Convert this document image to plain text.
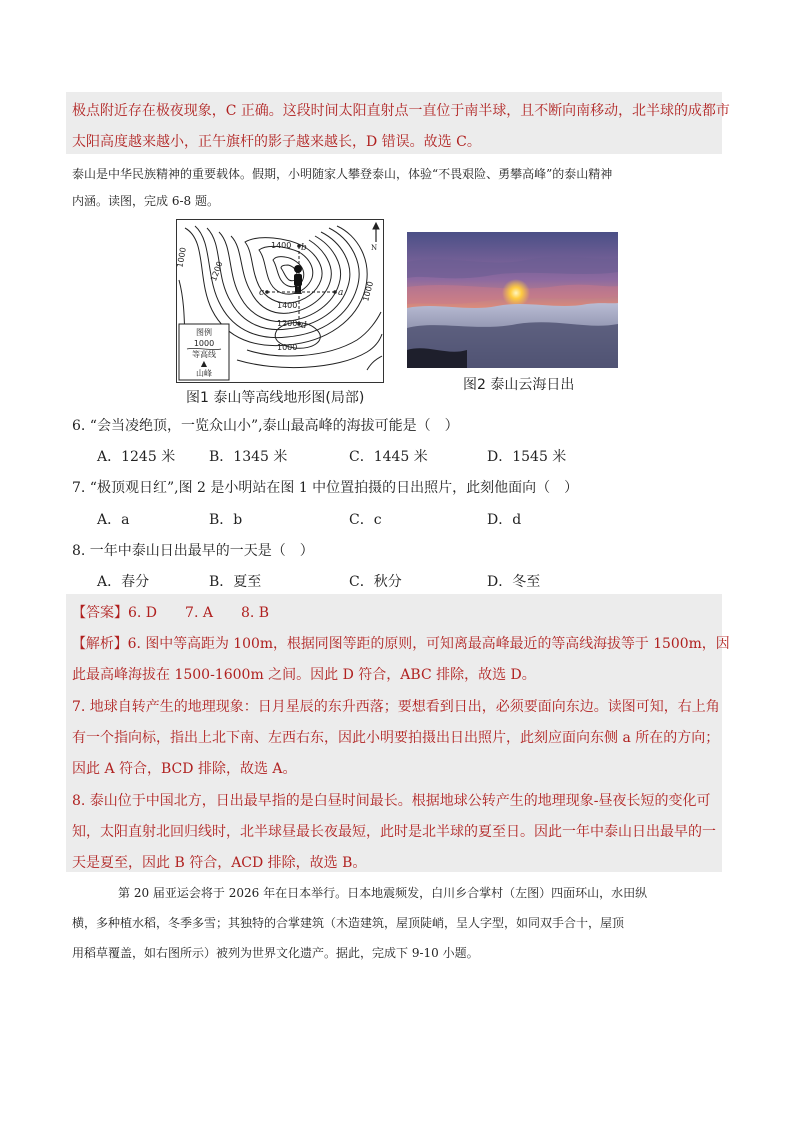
极点附近存在极夜现象，C 正确。这段时间太阳直射点一直位于南半球，且不断向南移动，北半球的成都市
太阳高度越来越小，正午旗杆的影子越来越长，D 错误。故选 C。
泰山是中华民族精神的重要载体。假期，小明随家人攀登泰山，体验“不畏艰险、勇攀高峰”的泰山精神
内涵。读图，完成 6-8 题。
1000
1200
1400
1400
1200
1000
1000
a
b
c
d
N
图例
1000
等高线
▲
山峰
图1 泰山等高线地形图(局部)
图2 泰山云海日出
6. “会当凌绝顶，一览众山小”,泰山最高峰的海拔可能是（　）
A．1245 米 B．1345 米	C．1445 米	D．1545 米
7. “极顶观日红”,图 2 是小明站在图 1 中位置拍摄的日出照片，此刻他面向（　）
A．a	B．b	C．c	D．d
8. 一年中泰山日出最早的一天是（　）
A．春分	B．夏至	C．秋分	D．冬至
【答案】6. D　　7. A　　8. B
【解析】6. 图中等高距为 100m，根据同图等距的原则，可知离最高峰最近的等高线海拔等于 1500m，因
此最高峰海拔在 1500-1600m 之间。因此 D 符合，ABC 排除，故选 D。
7. 地球自转产生的地理现象：日月星辰的东升西落；要想看到日出，必须要面向东边。读图可知，右上角
有一个指向标，指出上北下南、左西右东，因此小明要拍摄出日出照片，此刻应面向东侧 a 所在的方向；
因此 A 符合，BCD 排除，故选 A。
8. 泰山位于中国北方，日出最早指的是白昼时间最长。根据地球公转产生的地理现象-昼夜长短的变化可
知，太阳直射北回归线时，北半球昼最长夜最短，此时是北半球的夏至日。因此一年中泰山日出最早的一
天是夏至，因此 B 符合，ACD 排除，故选 B。
第 20 届亚运会将于 2026 年在日本举行。日本地震频发，白川乡合掌村（左图）四面环山，水田纵
横，多种植水稻，冬季多雪；其独特的合掌建筑（木造建筑，屋顶陡峭，呈人字型，如同双手合十，屋顶
用稻草覆盖，如右图所示）被列为世界文化遗产。据此，完成下 9-10 小题。
